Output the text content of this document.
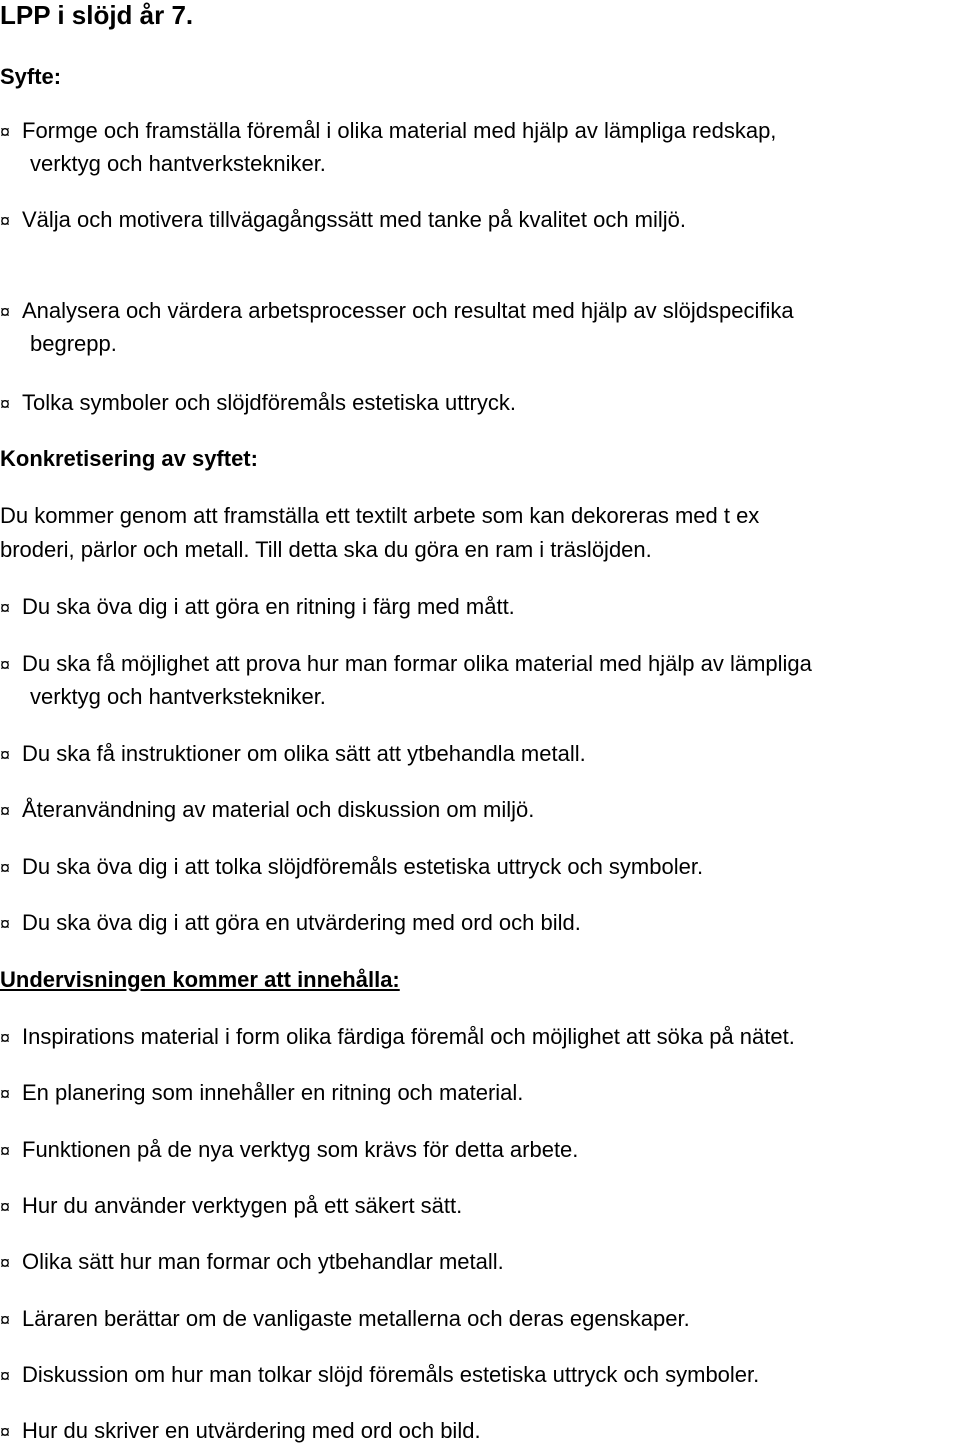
LPP i slöjd år 7.
Syfte:
¤ Formge och framställa föremål i olika material med hjälp av lämpliga redskap,
verktyg och hantverkstekniker.
¤ Välja och motivera tillvägagångssätt med tanke på kvalitet och miljö.
¤ Analysera och värdera arbetsprocesser och resultat med hjälp av slöjdspecifika
begrepp.
¤ Tolka symboler och slöjdföremåls estetiska uttryck.
Konkretisering av syftet:
Du kommer genom att framställa ett textilt arbete som kan dekoreras med t ex
broderi, pärlor och metall. Till detta ska du göra en ram i träslöjden.
¤ Du ska öva dig i att göra en ritning i färg med mått.
¤ Du ska få möjlighet att prova hur man formar olika material med hjälp av lämpliga
verktyg och hantverkstekniker.
¤ Du ska få instruktioner om olika sätt att ytbehandla metall.
¤ Återanvändning av material och diskussion om miljö.
¤ Du ska öva dig i att tolka slöjdföremåls estetiska uttryck och symboler.
¤ Du ska öva dig i att göra en utvärdering med ord och bild.
Undervisningen kommer att innehålla:
¤ Inspirations material i form olika färdiga föremål och möjlighet att söka på nätet.
¤ En planering som innehåller en ritning och material.
¤ Funktionen på de nya verktyg som krävs för detta arbete.
¤ Hur du använder verktygen på ett säkert sätt.
¤ Olika sätt hur man formar och ytbehandlar metall.
¤ Läraren berättar om de vanligaste metallerna och deras egenskaper.
¤ Diskussion om hur man tolkar slöjd föremåls estetiska uttryck och symboler.
¤ Hur du skriver en utvärdering med ord och bild.
